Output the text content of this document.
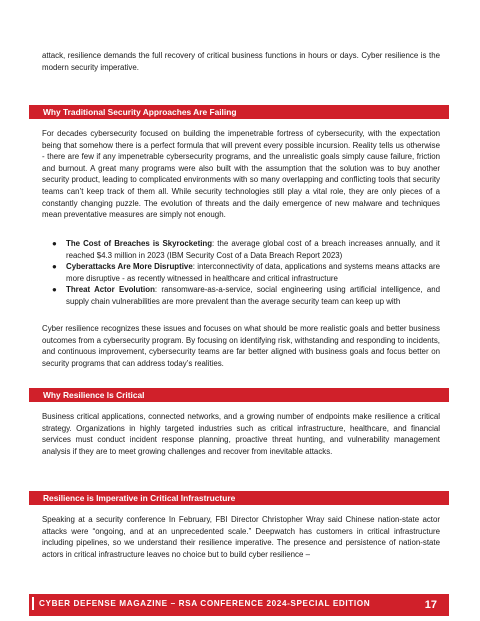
attack, resilience demands the full recovery of critical business functions in hours or days. Cyber resilience is the modern security imperative.

Why Traditional Security Approaches Are Failing

For decades cybersecurity focused on building the impenetrable fortress of cybersecurity, with the expectation being that somehow there is a perfect formula that will prevent every possible incursion. Reality tells us otherwise - there are few if any impenetrable cybersecurity programs, and the unrealistic goals simply cause failure, friction and burnout. A great many programs were also built with the assumption that the solution was to buy another security product, leading to complicated environments with so many overlapping and conflicting tools that security teams can’t keep track of them all. While security technologies still play a vital role, they are only pieces of a constantly changing puzzle. The evolution of threats and the daily emergence of new malware and techniques mean preventative measures are simply not enough.

● The Cost of Breaches is Skyrocketing: the average global cost of a breach increases annually, and it reached $4.3 million in 2023 (IBM Security Cost of a Data Breach Report 2023)
● Cyberattacks Are More Disruptive: interconnectivity of data, applications and systems means attacks are more disruptive - as recently witnessed in healthcare and critical infrastructure
● Threat Actor Evolution: ransomware-as-a-service, social engineering using artificial intelligence, and supply chain vulnerabilities are more prevalent than the average security team can keep up with

Cyber resilience recognizes these issues and focuses on what should be more realistic goals and better business outcomes from a cybersecurity program. By focusing on identifying risk, withstanding and responding to incidents, and continuous improvement, cybersecurity teams are far better aligned with business goals and focus better on security programs that can address today’s realities.

Why Resilience Is Critical

Business critical applications, connected networks, and a growing number of endpoints make resilience a critical strategy. Organizations in highly targeted industries such as critical infrastructure, healthcare, and financial services must conduct incident response planning, proactive threat hunting, and vulnerability management analysis if they are to meet growing challenges and recover from inevitable attacks.

Resilience is Imperative in Critical Infrastructure

Speaking at a security conference In February, FBI Director Christopher Wray said Chinese nation-state actor attacks were “ongoing, and at an unprecedented scale.” Deepwatch has customers in critical infrastructure including pipelines, so we understand their resilience imperative. The presence and persistence of nation-state actors in critical infrastructure leaves no choice but to build cyber resilience –

CYBER DEFENSE MAGAZINE – RSA CONFERENCE 2024-SPECIAL EDITION	17
